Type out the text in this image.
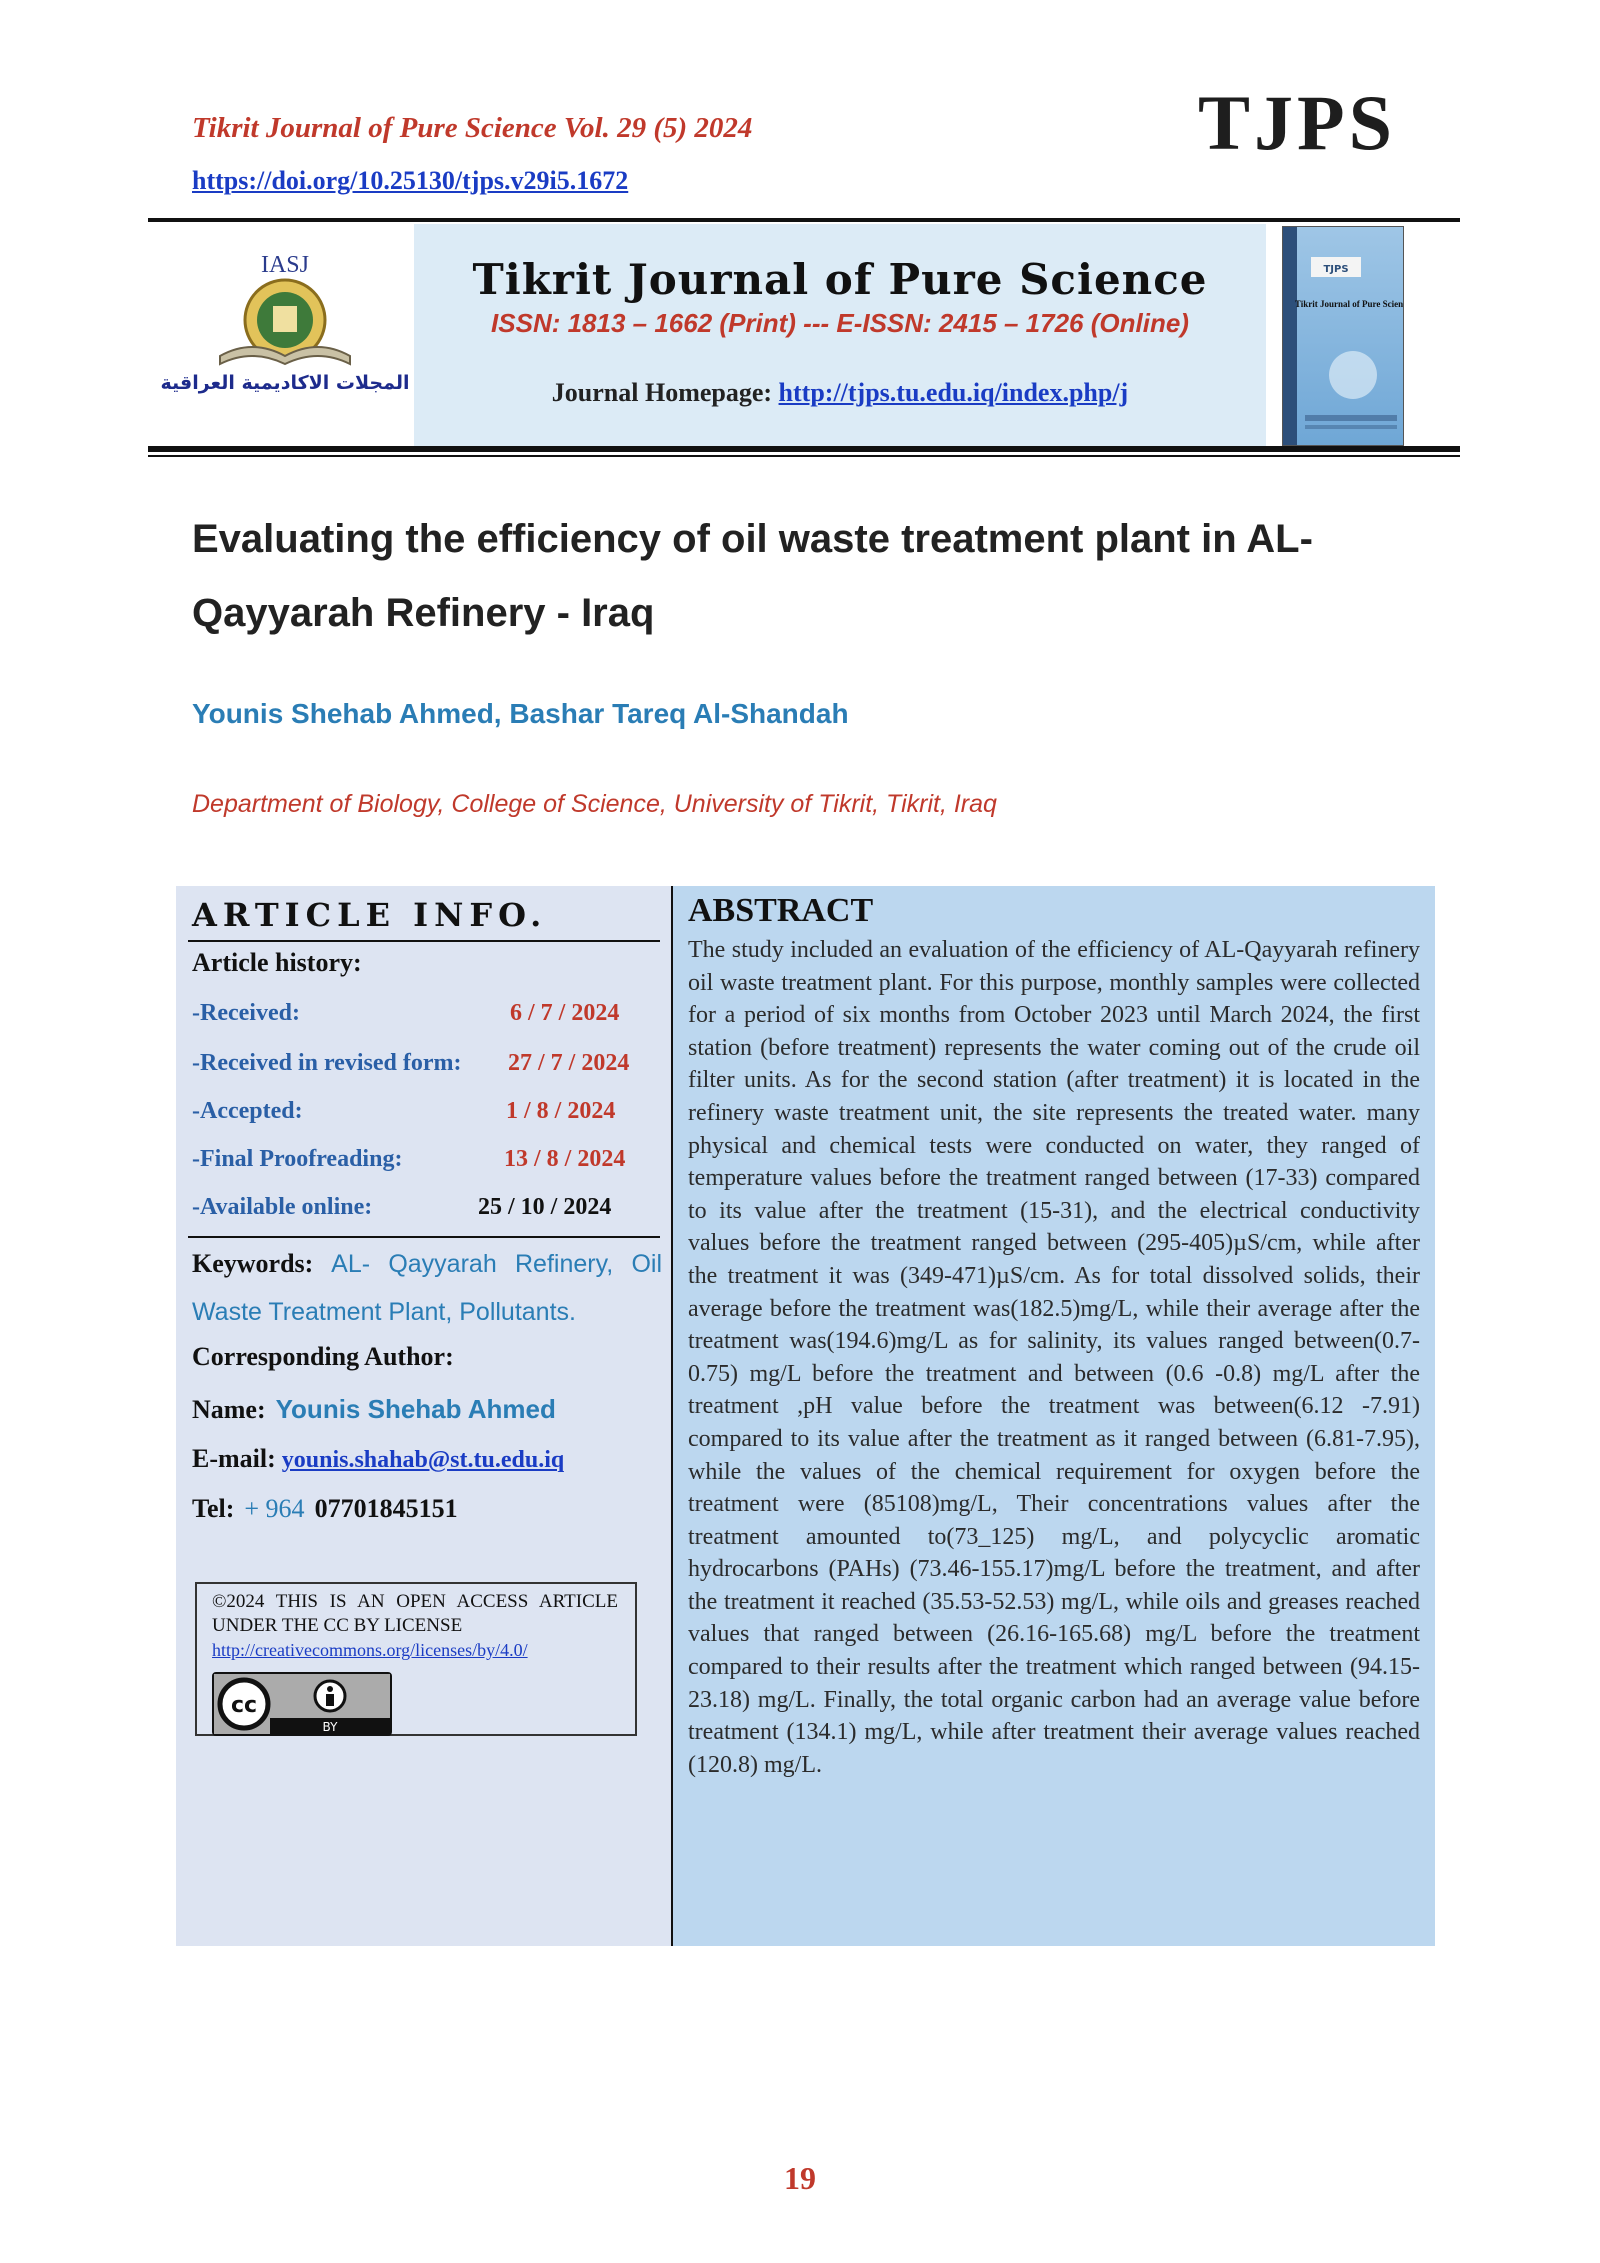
Tikrit Journal of Pure Science Vol. 29 (5) 2024
https://doi.org/10.25130/tjps.v29i5.1672
TJPS
IASJ
المجلات الاكاديمية العراقية
Tikrit Journal of Pure Science
ISSN: 1813 – 1662 (Print) --- E-ISSN: 2415 – 1726 (Online)
Journal Homepage: http://tjps.tu.edu.iq/index.php/j
TJPS
Tikrit Journal of Pure Science
Evaluating the efficiency of oil waste treatment plant in AL- Qayyarah Refinery - Iraq
Younis Shehab Ahmed, Bashar Tareq Al-Shandah
Department of Biology, College of Science, University of Tikrit, Tikrit, Iraq
ARTICLE INFO.
Article history:
-Received:	6 / 7 / 2024
-Received in revised form: 27 / 7 / 2024
-Accepted:	1 / 8 / 2024
-Final Proofreading:	13 / 8 / 2024
-Available online:	25 / 10 / 2024
Keywords: AL- Qayyarah Refinery, Oil Waste Treatment Plant, Pollutants.
Corresponding Author:
Name: Younis Shehab Ahmed
E-mail: younis.shahab@st.tu.edu.iq
Tel: + 964 07701845151
©2024 THIS IS AN OPEN ACCESS ARTICLE UNDER THE CC BY LICENSE
http://creativecommons.org/licenses/by/4.0/
cc
BY
ABSTRACT
The study included an evaluation of the efficiency of AL-Qayyarah refinery oil waste treatment plant. For this purpose, monthly samples were collected for a period of six months from October 2023 until March 2024, the first station (before treatment) represents the water coming out of the crude oil filter units. As for the second station (after treatment) it is located in the refinery waste treatment unit, the site represents the treated water. many physical and chemical tests were conducted on water, they ranged of temperature values before the treatment ranged between (17-33) compared to its value after the treatment (15-31), and the electrical conductivity values before the treatment ranged between (295-405)µS/cm, while after the treatment it was (349-471)µS/cm. As for total dissolved solids, their average before the treatment was(182.5)mg/L, while their average after the treatment was(194.6)mg/L as for salinity, its values ranged between(0.7-0.75) mg/L before the treatment and between (0.6 -0.8) mg/L after the treatment ,pH value before the treatment was between(6.12 -7.91) compared to its value after the treatment as it ranged between (6.81-7.95), while the values of the chemical requirement for oxygen before the treatment were (85108)mg/L, Their concentrations values after the treatment amounted to(73_125) mg/L, and polycyclic aromatic hydrocarbons (PAHs) (73.46-155.17)mg/L before the treatment, and after the treatment it reached (35.53-52.53) mg/L, while oils and greases reached values that ranged between (26.16-165.68) mg/L before the treatment compared to their results after the treatment which ranged between (94.15-23.18) mg/L. Finally, the total organic carbon had an average value before treatment (134.1) mg/L, while after treatment their average values reached (120.8) mg/L.
19
